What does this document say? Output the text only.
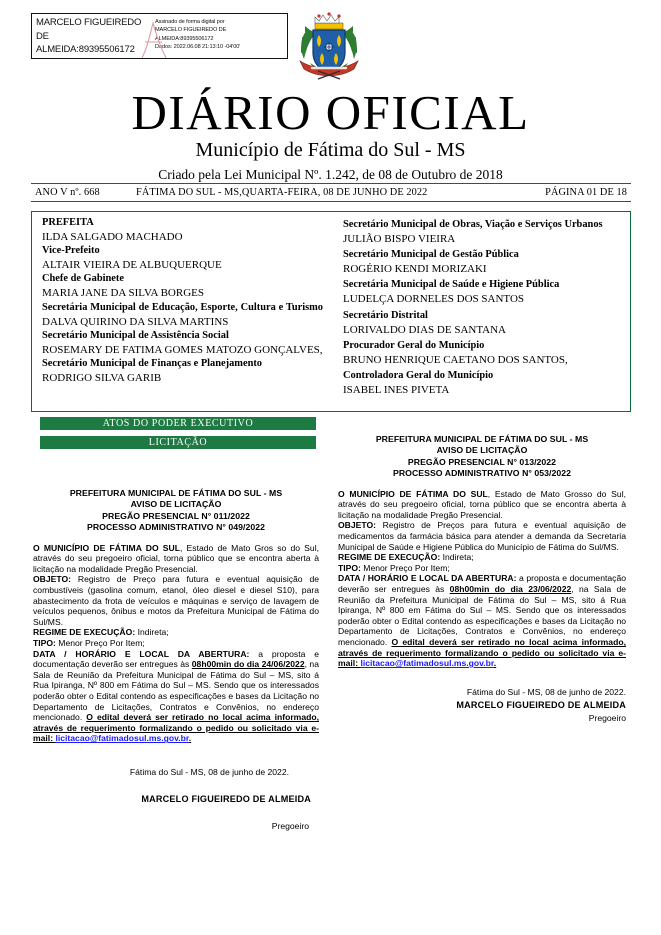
MARCELO FIGUEIREDO
DE
ALMEIDA:89395506172
Assinado de forma digital por
MARCELO FIGUEIREDO DE
ALMEIDA:89395506172
Dados: 2022.06.08 21:13:10 -04'00'
DIÁRIO OFICIAL
Município de Fátima do Sul - MS
Criado pela Lei Municipal Nº. 1.242, de 08 de Outubro de 2018
ANO V nº. 668	FÁTIMA DO SUL - MS,QUARTA-FEIRA, 08 DE JUNHO DE 2022	PÁGINA 01 DE 18
PREFEITA
ILDA SALGADO MACHADO
Vice-Prefeito
ALTAIR VIEIRA DE ALBUQUERQUE
Chefe de Gabinete
MARIA JANE DA SILVA BORGES
Secretária Municipal de Educação, Esporte, Cultura e Turismo
DALVA QUIRINO DA SILVA MARTINS
Secretário Municipal de Assistência Social
ROSEMARY DE FATIMA GOMES MATOZO GONÇALVES,
Secretário Municipal de Finanças e Planejamento
RODRIGO SILVA GARIB
Secretário Municipal de Obras, Viação e Serviços Urbanos
JULIÃO BISPO VIEIRA
Secretário Municipal de Gestão Pública
ROGÉRIO KENDI MORIZAKI
Secretária Municipal de Saúde e Higiene Pública
LUDELÇA DORNELES DOS SANTOS
Secretário Distrital
LORIVALDO DIAS DE SANTANA
Procurador Geral do Município
BRUNO HENRIQUE CAETANO DOS SANTOS,
Controladora Geral do Município
ISABEL INES PIVETA
ATOS DO PODER EXECUTIVO
LICITAÇÃO
PREFEITURA MUNICIPAL DE FÁTIMA DO SUL - MS
AVISO DE LICITAÇÃO
PREGÃO PRESENCIAL N° 011/2022
PROCESSO ADMINISTRATIVO N° 049/2022

O MUNICÍPIO DE FÁTIMA DO SUL, Estado de Mato Gros so do Sul, através do seu pregoeiro oficial, torna público que se encontra aberta à licitação na modalidade Pregão Presencial.

OBJETO: Registro de Preço para futura e eventual aquisição de combustíveis (gasolina comum, etanol, óleo diesel e diesel S10), para abastecimento da frota de veículos e máquinas e serviço de lavagem de veículos pequenos, ônibus e motos da Prefeitura Municipal de Fátima do Sul/MS.

REGIME DE EXECUÇÃO: Indireta;

TIPO: Menor Preço Por Item;

DATA / HORÁRIO E LOCAL DA ABERTURA: a proposta e documentação deverão ser entregues às 08h00min do dia 24/06/2022, na Sala de Reunião da Prefeitura Municipal de Fátima do Sul – MS, sito á Rua Ipiranga, Nº 800 em Fátima do Sul – MS. Sendo que os interessados poderão obter o Edital contendo as especificações e bases da Licitação no Departamento de Licitações, Contratos e Convênios, no endereço mencionado. O edital deverá ser retirado no local acima informado, através de requerimento formalizando o pedido ou solicitado via e-mail: licitacao@fatimadosul.ms.gov.br.

Fátima do Sul - MS, 08 de junho de 2022.
MARCELO FIGUEIREDO DE ALMEIDA
Pregoeiro
PREFEITURA MUNICIPAL DE FÁTIMA DO SUL - MS
AVISO DE LICITAÇÃO
PREGÃO PRESENCIAL N° 013/2022
PROCESSO ADMINISTRATIVO N° 053/2022

O MUNICÍPIO DE FÁTIMA DO SUL, Estado de Mato Grosso do Sul, através do seu pregoeiro oficial, torna público que se encontra aberta à licitação na modalidade Pregão Presencial.

OBJETO: Registro de Preços para futura e eventual aquisição de medicamentos da farmácia básica para atender a demanda da Secretaria Municipal de Saúde e Higiene Pública do Município de Fátima do Sul/MS.

REGIME DE EXECUÇÃO: Indireta;

TIPO: Menor Preço Por Item;

DATA / HORÁRIO E LOCAL DA ABERTURA: a proposta e documentação deverão ser entregues às 08h00min do dia 23/06/2022, na Sala de Reunião da Prefeitura Municipal de Fátima do Sul – MS, sito á Rua Ipiranga, Nº 800 em Fátima do Sul – MS. Sendo que os interessados poderão obter o Edital contendo as especificações e bases da Licitação no Departamento de Licitações, Contratos e Convênios, no endereço mencionado. O edital deverá ser retirado no local acima informado, através de requerimento formalizando o pedido ou solicitado via e-mail: licitacao@fatimadosul.ms.gov.br.

Fátima do Sul - MS, 08 de junho de 2022.
MARCELO FIGUEIREDO DE ALMEIDA
Pregoeiro
